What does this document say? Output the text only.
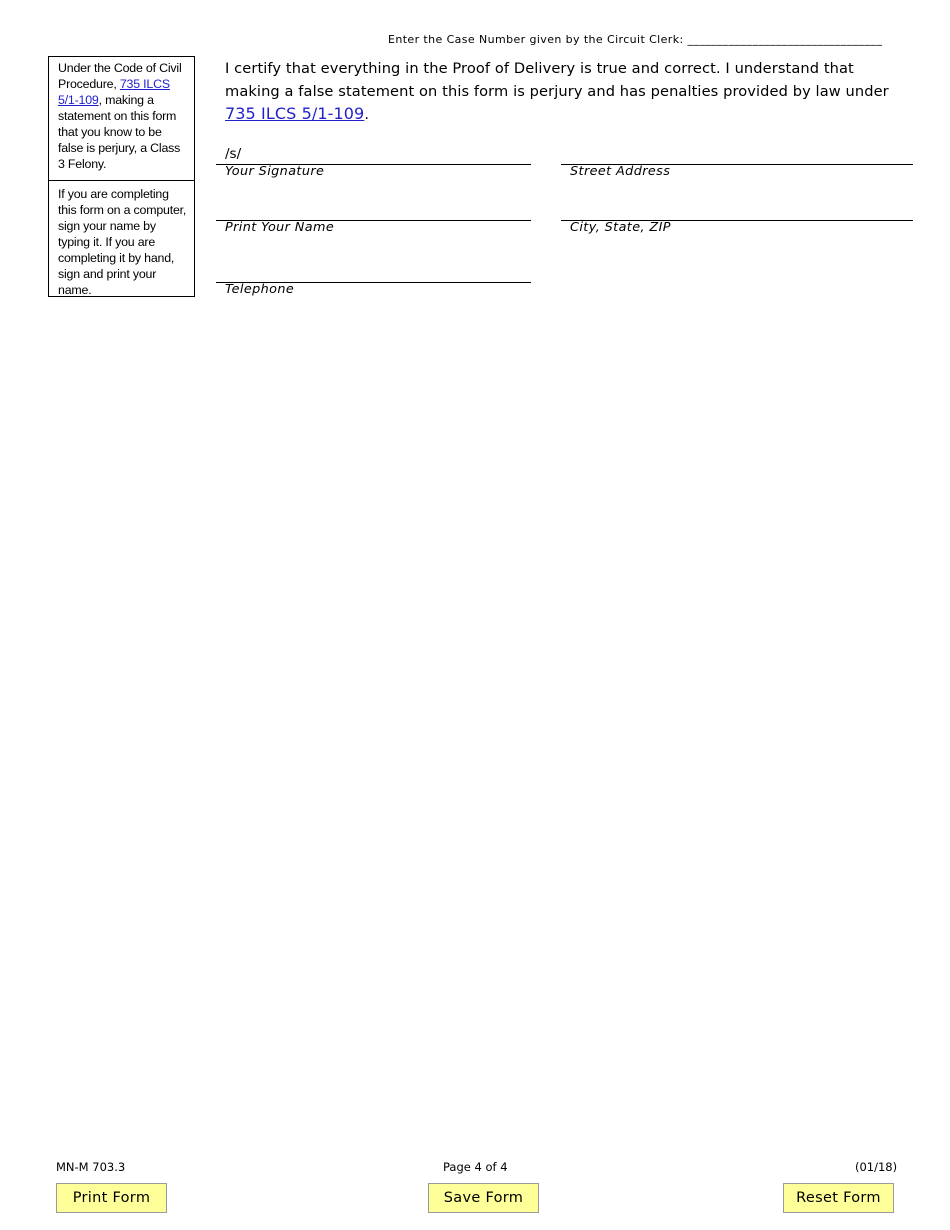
Enter the Case Number given by the Circuit Clerk: _________________________________
Under the Code of Civil Procedure, 735 ILCS 5/1-109, making a statement on this form that you know to be false is perjury, a Class 3 Felony.
If you are completing this form on a computer, sign your name by typing it. If you are completing it by hand, sign and print your name.
I certify that everything in the Proof of Delivery is true and correct. I understand that making a false statement on this form is perjury and has penalties provided by law under
735 ILCS 5/1-109.
/s/
Your Signature	Street Address
Print Your Name	City, State, ZIP
Telephone
MN-M 703.3	Page 4 of 4	(01/18)
Print Form	Save Form	Reset Form
